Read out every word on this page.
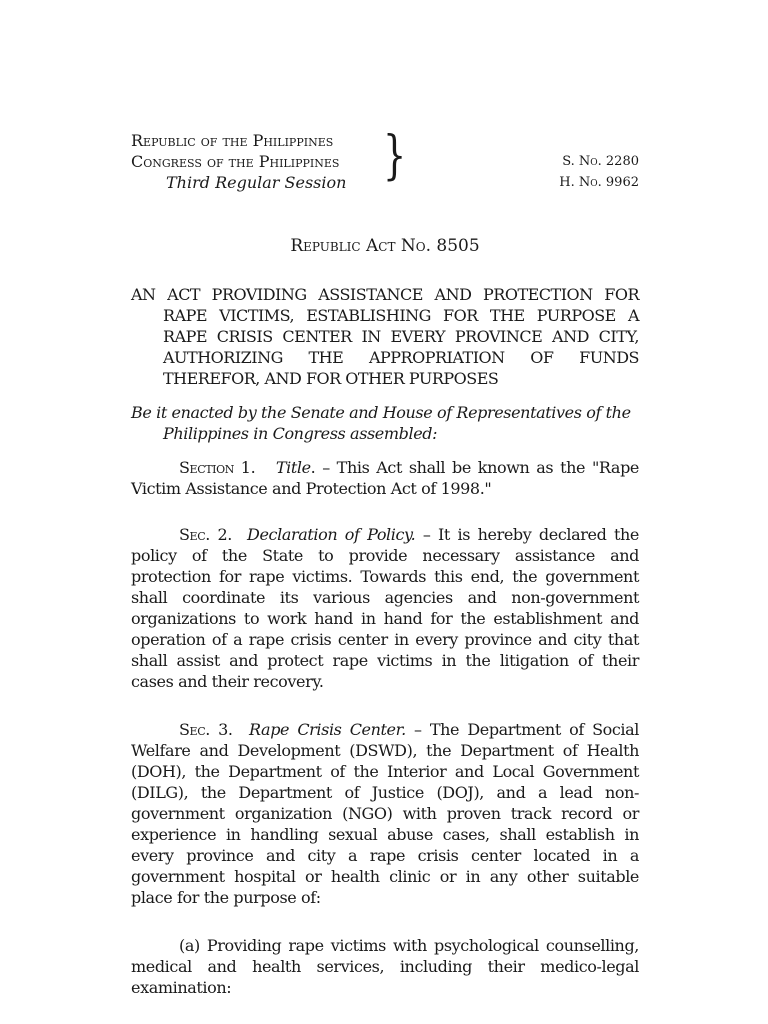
Republic of the Philippines
Congress of the Philippines
Third Regular Session }	S. No. 2280
H. No. 9962
Republic Act No. 8505
AN ACT PROVIDING ASSISTANCE AND PROTECTION FOR RAPE VICTIMS, ESTABLISHING FOR THE PURPOSE A RAPE CRISIS CENTER IN EVERY PROVINCE AND CITY, AUTHORIZING THE APPROPRIATION OF FUNDS THEREFOR, AND FOR OTHER PURPOSES
Be it enacted by the Senate and House of Representatives of the Philippines in Congress assembled:
Section 1. Title. – This Act shall be known as the "Rape Victim Assistance and Protection Act of 1998."
Sec. 2. Declaration of Policy. – It is hereby declared the policy of the State to provide necessary assistance and protection for rape victims. Towards this end, the government shall coordinate its various agencies and non-government organizations to work hand in hand for the establishment and operation of a rape crisis center in every province and city that shall assist and protect rape victims in the litigation of their cases and their recovery.
Sec. 3. Rape Crisis Center. – The Department of Social Welfare and Development (DSWD), the Department of Health (DOH), the Department of the Interior and Local Government (DILG), the Department of Justice (DOJ), and a lead non-government organization (NGO) with proven track record or experience in handling sexual abuse cases, shall establish in every province and city a rape crisis center located in a government hospital or health clinic or in any other suitable place for the purpose of:
(a) Providing rape victims with psychological counselling, medical and health services, including their medico-legal examination:
